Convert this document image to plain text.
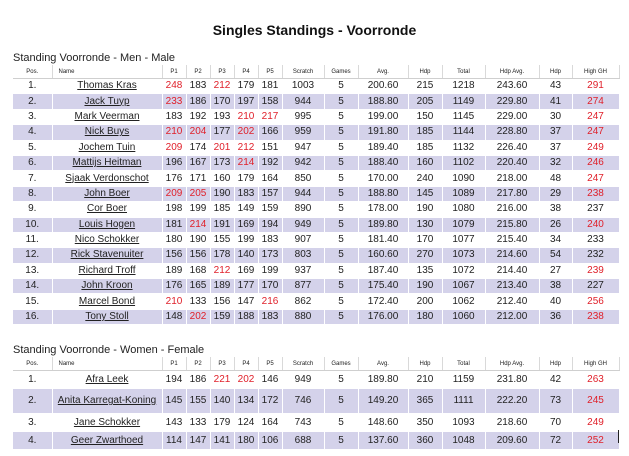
Singles Standings - Voorronde
Standing Voorronde - Men - Male
Pos.	Name	P1	P2	P3	P4	P5	Scratch	Games	Avg.	Hdp	Total	Hdp Avg.	Hdp	High GH
1.	Thomas Kras	248	183	212	179	181	1003	5	200.60	215	1218	243.60	43	291
2.	Jack Tuyp	233	186	170	197	158	944	5	188.80	205	1149	229.80	41	274
3.	Mark Veerman	183	192	193	210	217	995	5	199.00	150	1145	229.00	30	247
4.	Nick Buys	210	204	177	202	166	959	5	191.80	185	1144	228.80	37	247
5.	Jochem Tuin	209	174	201	212	151	947	5	189.40	185	1132	226.40	37	249
6.	Mattijs Heitman	196	167	173	214	192	942	5	188.40	160	1102	220.40	32	246
7.	Sjaak Verdonschot	176	171	160	179	164	850	5	170.00	240	1090	218.00	48	247
8.	John Boer	209	205	190	183	157	944	5	188.80	145	1089	217.80	29	238
9.	Cor Boer	198	199	185	149	159	890	5	178.00	190	1080	216.00	38	237
10.	Louis Hogen	181	214	191	169	194	949	5	189.80	130	1079	215.80	26	240
11.	Nico Schokker	180	190	155	199	183	907	5	181.40	170	1077	215.40	34	233
12.	Rick Stavenuiter	156	156	178	140	173	803	5	160.60	270	1073	214.60	54	232
13.	Richard Troff	189	168	212	169	199	937	5	187.40	135	1072	214.40	27	239
14.	John Kroon	176	165	189	177	170	877	5	175.40	190	1067	213.40	38	227
15.	Marcel Bond	210	133	156	147	216	862	5	172.40	200	1062	212.40	40	256
16.	Tony Stoll	148	202	159	188	183	880	5	176.00	180	1060	212.00	36	238
Standing Voorronde - Women - Female
Pos.	Name	P1	P2	P3	P4	P5	Scratch	Games	Avg.	Hdp	Total	Hdp Avg.	Hdp	High GH
1.	Afra Leek	194	186	221	202	146	949	5	189.80	210	1159	231.80	42	263
2.	Anita Karregat-Koning	145	155	140	134	172	746	5	149.20	365	1111	222.20	73	245
3.	Jane Schokker	143	133	179	124	164	743	5	148.60	350	1093	218.60	70	249
4.	Geer Zwarthoed	114	147	141	180	106	688	5	137.60	360	1048	209.60	72	252
